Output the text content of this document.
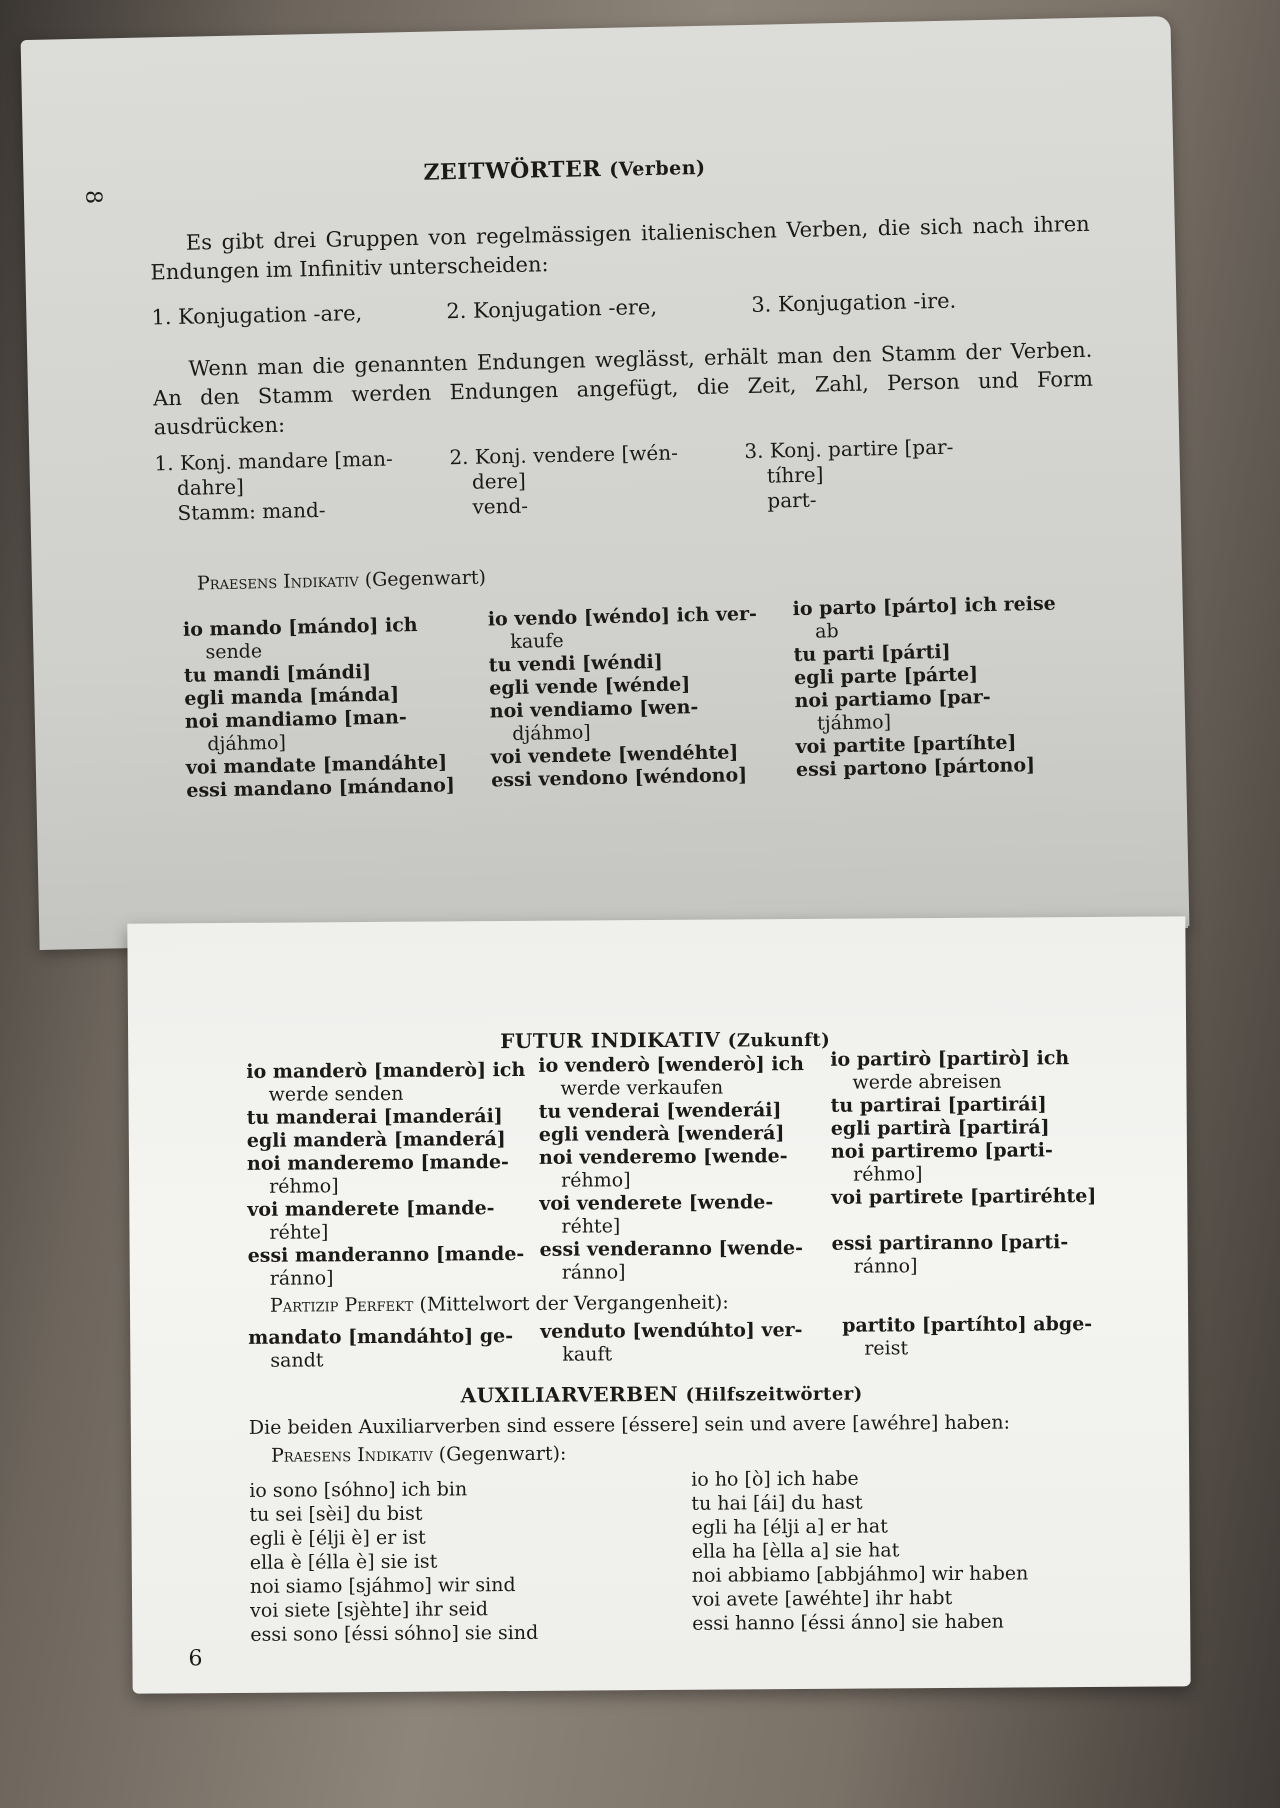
8
ZEITWÖRTER (Verben)

Es gibt drei Gruppen von regelmässigen italienischen Verben, die sich nach ihren Endungen im Infinitiv unterscheiden:

1. Konjugation -are,	2. Konjugation -ere,	3. Konjugation -ire.

Wenn man die genannten Endungen weglässt, erhält man den Stamm der Verben. An den Stamm werden Endungen angefügt, die Zeit, Zahl, Person und Form ausdrücken:

1. Konj. mandare [man-
dahre]
Stamm: mand-
2. Konj. vendere [wén-
dere]
vend-
3. Konj. partire [par-
tíhre]
part-
Praesens Indikativ (Gegenwart)
io mando [mándo] ich
sende
tu mandi [mándi]
egli manda [mánda]
noi mandiamo [man-
djáhmo]
voi mandate [mandáhte]
essi mandano [mándano]
io vendo [wéndo] ich ver-
kaufe
tu vendi [wéndi]
egli vende [wénde]
noi vendiamo [wen-
djáhmo]
voi vendete [wendéhte]
essi vendono [wéndono]
io parto [párto] ich reise
ab
tu parti [párti]
egli parte [párte]
noi partiamo [par-
tjáhmo]
voi partite [partíhte]
essi partono [pártono]
9
FUTUR INDIKATIV (Zukunft)
io manderò [manderò] ich
werde senden
tu manderai [manderái]
egli manderà [manderá]
noi manderemo [mande-
réhmo]
voi manderete [mande-
réhte]
essi manderanno [mande-
ránno]
io venderò [wenderò] ich
werde verkaufen
tu venderai [wenderái]
egli venderà [wenderá]
noi venderemo [wende-
réhmo]
voi venderete [wende-
réhte]
essi venderanno [wende-
ránno]
io partirò [partirò] ich
werde abreisen
tu partirai [partirái]
egli partirà [partirá]
noi partiremo [parti-
réhmo]
voi partirete [partiréhte]
essi partiranno [parti-
ránno]
Partizip Perfekt (Mittelwort der Vergangenheit):
mandato [mandáhto] ge-
sandt
venduto [wendúhto] ver-
kauft
partito [partíhto] abge-
reist
AUXILIARVERBEN (Hilfszeitwörter)
Die beiden Auxiliarverben sind essere [éssere] sein und avere [awéhre] haben:
Praesens Indikativ (Gegenwart):
io sono [sóhno] ich bin
tu sei [sèi] du bist
egli è [élji è] er ist
ella è [élla è] sie ist
noi siamo [sjáhmo] wir sind
voi siete [sjèhte] ihr seid
essi sono [éssi sóhno] sie sind
io ho [ò] ich habe
tu hai [ái] du hast
egli ha [élji a] er hat
ella ha [èlla a] sie hat
noi abbiamo [abbjáhmo] wir haben
voi avete [awéhte] ihr habt
essi hanno [éssi ánno] sie haben
